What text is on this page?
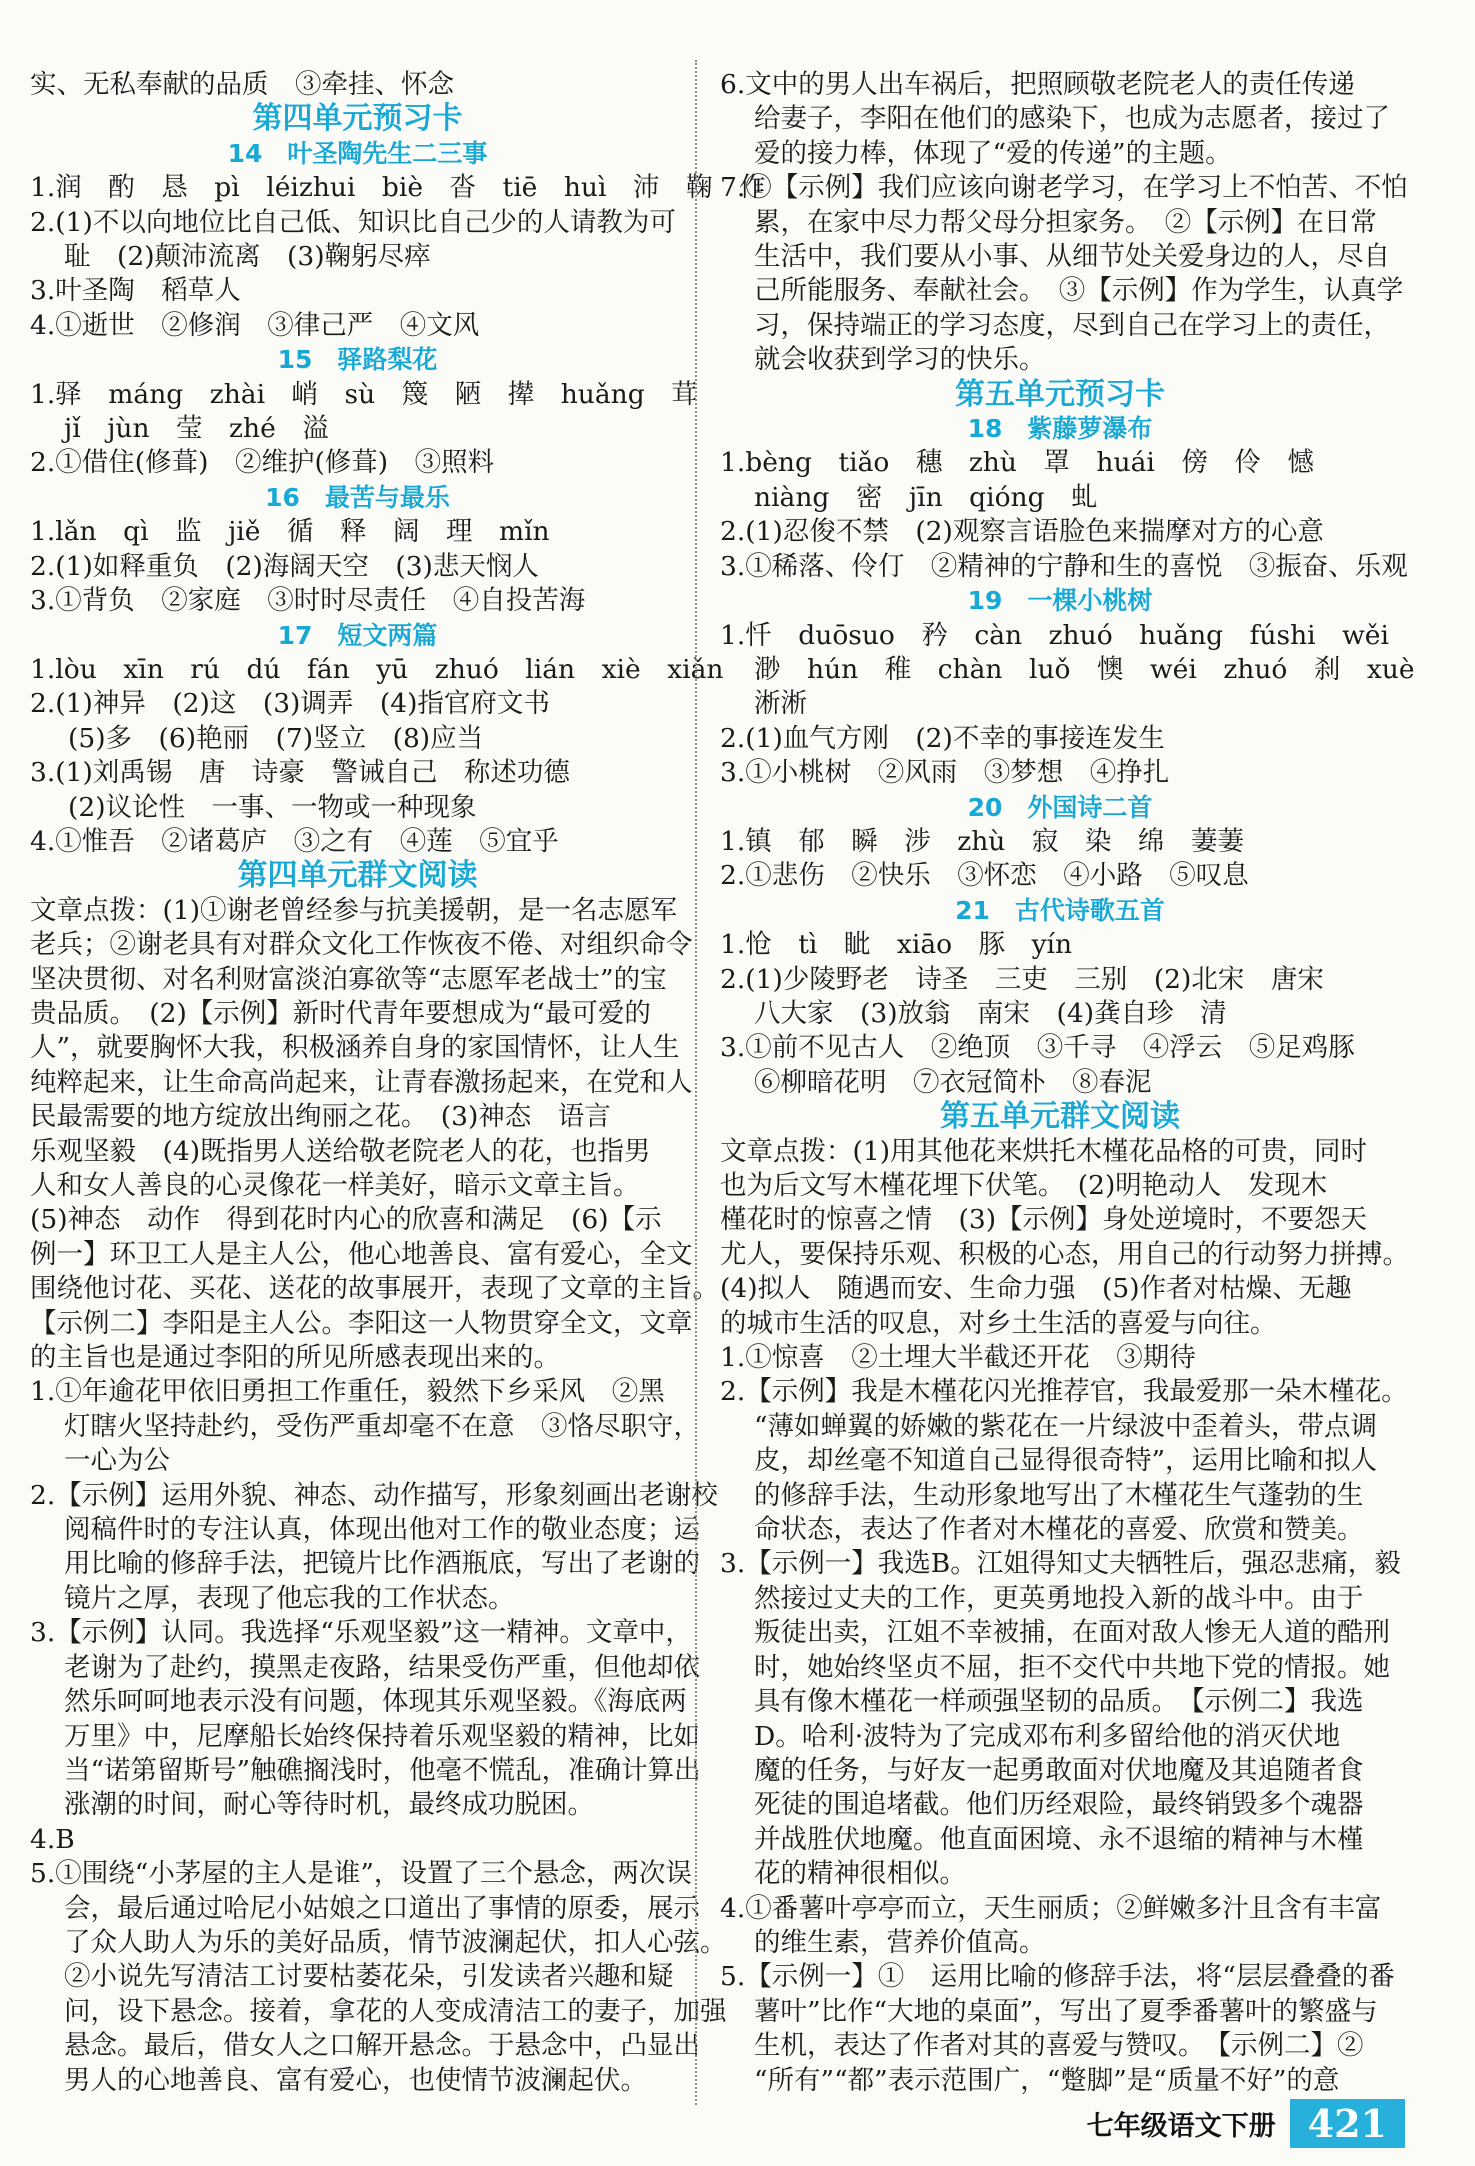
实、无私奉献的品质　③牵挂、怀念
第四单元预习卡
14　叶圣陶先生二三事
1.润　酌　恳　pì　léizhui　biè　沓　tiē　huì　沛　鞠　作
2.(1)不以向地位比自己低、知识比自己少的人请教为可
耻　(2)颠沛流离　(3)鞠躬尽瘁
3.叶圣陶　稻草人
4.①逝世　②修润　③律己严　④文风
15　驿路梨花
1.驿　máng　zhài　峭　sù　篾　陋　撵　huǎng　茸
jǐ　jùn　莹　zhé　溢
2.①借住(修葺)　②维护(修葺)　③照料
16　最苦与最乐
1.lǎn　qì　监　jiě　循　释　阔　理　mǐn
2.(1)如释重负　(2)海阔天空　(3)悲天悯人
3.①背负　②家庭　③时时尽责任　④自投苦海
17　短文两篇
1.lòu　xīn　rú　dú　fán　yū　zhuó　lián　xiè　xiǎn
2.(1)神异　(2)这　(3)调弄　(4)指官府文书
(5)多　(6)艳丽　(7)竖立　(8)应当
3.(1)刘禹锡　唐　诗豪　警诫自己　称述功德
(2)议论性　一事、一物或一种现象
4.①惟吾　②诸葛庐　③之有　④莲　⑤宜乎
第四单元群文阅读
文章点拨：(1)①谢老曾经参与抗美援朝，是一名志愿军
老兵；②谢老具有对群众文化工作恢夜不倦、对组织命令
坚决贯彻、对名利财富淡泊寡欲等“志愿军老战士”的宝
贵品质。　(2)【示例】新时代青年要想成为“最可爱的
人”，就要胸怀大我，积极涵养自身的家国情怀，让人生
纯粹起来，让生命高尚起来，让青春激扬起来，在党和人
民最需要的地方绽放出绚丽之花。　(3)神态　语言
乐观坚毅　(4)既指男人送给敬老院老人的花，也指男
人和女人善良的心灵像花一样美好，暗示文章主旨。
(5)神态　动作　得到花时内心的欣喜和满足　(6)【示
例一】环卫工人是主人公，他心地善良、富有爱心，全文
围绕他讨花、买花、送花的故事展开，表现了文章的主旨。
【示例二】李阳是主人公。李阳这一人物贯穿全文，文章
的主旨也是通过李阳的所见所感表现出来的。
1.①年逾花甲依旧勇担工作重任，毅然下乡采风　②黑
灯瞎火坚持赴约，受伤严重却毫不在意　③恪尽职守，
一心为公
2.【示例】运用外貌、神态、动作描写，形象刻画出老谢校
阅稿件时的专注认真，体现出他对工作的敬业态度；运
用比喻的修辞手法，把镜片比作酒瓶底，写出了老谢的
镜片之厚，表现了他忘我的工作状态。
3.【示例】认同。我选择“乐观坚毅”这一精神。文章中，
老谢为了赴约，摸黑走夜路，结果受伤严重，但他却依
然乐呵呵地表示没有问题，体现其乐观坚毅。《海底两
万里》中，尼摩船长始终保持着乐观坚毅的精神，比如
当“诺第留斯号”触礁搁浅时，他毫不慌乱，准确计算出
涨潮的时间，耐心等待时机，最终成功脱困。
4.B
5.①围绕“小茅屋的主人是谁”，设置了三个悬念，两次误
会，最后通过哈尼小姑娘之口道出了事情的原委，展示
了众人助人为乐的美好品质，情节波澜起伏，扣人心弦。
②小说先写清洁工讨要枯萎花朵，引发读者兴趣和疑
问，设下悬念。接着，拿花的人变成清洁工的妻子，加强
悬念。最后，借女人之口解开悬念。于悬念中，凸显出
男人的心地善良、富有爱心，也使情节波澜起伏。
6.文中的男人出车祸后，把照顾敬老院老人的责任传递
给妻子，李阳在他们的感染下，也成为志愿者，接过了
爱的接力棒，体现了“爱的传递”的主题。
7.①【示例】我们应该向谢老学习，在学习上不怕苦、不怕
累，在家中尽力帮父母分担家务。　②【示例】在日常
生活中，我们要从小事、从细节处关爱身边的人，尽自
己所能服务、奉献社会。　③【示例】作为学生，认真学
习，保持端正的学习态度，尽到自己在学习上的责任，
就会收获到学习的快乐。
第五单元预习卡
18　紫藤萝瀑布
1.bèng　tiǎo　穗　zhù　罩　huái　傍　伶　憾
niàng　密　jīn　qióng　虬
2.(1)忍俊不禁　(2)观察言语脸色来揣摩对方的心意
3.①稀落、伶仃　②精神的宁静和生的喜悦　③振奋、乐观
19　一棵小桃树
1.忏　duōsuo　矜　càn　zhuó　huǎng　fúshi　wěi
渺　hún　稚　chàn　luǒ　懊　wéi　zhuó　刹　xuè
淅淅
2.(1)血气方刚　(2)不幸的事接连发生
3.①小桃树　②风雨　③梦想　④挣扎
20　外国诗二首
1.镇　郁　瞬　涉　zhù　寂　染　绵　萋萋
2.①悲伤　②快乐　③怀恋　④小路　⑤叹息
21　古代诗歌五首
1.怆　tì　眦　xiāo　豚　yín
2.(1)少陵野老　诗圣　三吏　三别　(2)北宋　唐宋
八大家　(3)放翁　南宋　(4)龚自珍　清
3.①前不见古人　②绝顶　③千寻　④浮云　⑤足鸡豚
⑥柳暗花明　⑦衣冠简朴　⑧春泥
第五单元群文阅读
文章点拨：(1)用其他花来烘托木槿花品格的可贵，同时
也为后文写木槿花埋下伏笔。　(2)明艳动人　发现木
槿花时的惊喜之情　(3)【示例】身处逆境时，不要怨天
尤人，要保持乐观、积极的心态，用自己的行动努力拼搏。
(4)拟人　随遇而安、生命力强　(5)作者对枯燥、无趣
的城市生活的叹息，对乡土生活的喜爱与向往。
1.①惊喜　②土埋大半截还开花　③期待
2.【示例】我是木槿花闪光推荐官，我最爱那一朵木槿花。
“薄如蝉翼的娇嫩的紫花在一片绿波中歪着头，带点调
皮，却丝毫不知道自己显得很奇特”，运用比喻和拟人
的修辞手法，生动形象地写出了木槿花生气蓬勃的生
命状态，表达了作者对木槿花的喜爱、欣赏和赞美。
3.【示例一】我选B。江姐得知丈夫牺牲后，强忍悲痛，毅
然接过丈夫的工作，更英勇地投入新的战斗中。由于
叛徒出卖，江姐不幸被捕，在面对敌人惨无人道的酷刑
时，她始终坚贞不屈，拒不交代中共地下党的情报。她
具有像木槿花一样顽强坚韧的品质。　【示例二】我选
D。哈利·波特为了完成邓布利多留给他的消灭伏地
魔的任务，与好友一起勇敢面对伏地魔及其追随者食
死徒的围追堵截。他们历经艰险，最终销毁多个魂器
并战胜伏地魔。他直面困境、永不退缩的精神与木槿
花的精神很相似。
4.①番薯叶亭亭而立，天生丽质；②鲜嫩多汁且含有丰富
的维生素，营养价值高。
5.【示例一】①　运用比喻的修辞手法，将“层层叠叠的番
薯叶”比作“大地的桌面”，写出了夏季番薯叶的繁盛与
生机，表达了作者对其的喜爱与赞叹。　【示例二】②
“所有”“都”表示范围广，“蹩脚”是“质量不好”的意
七年级语文下册 421
